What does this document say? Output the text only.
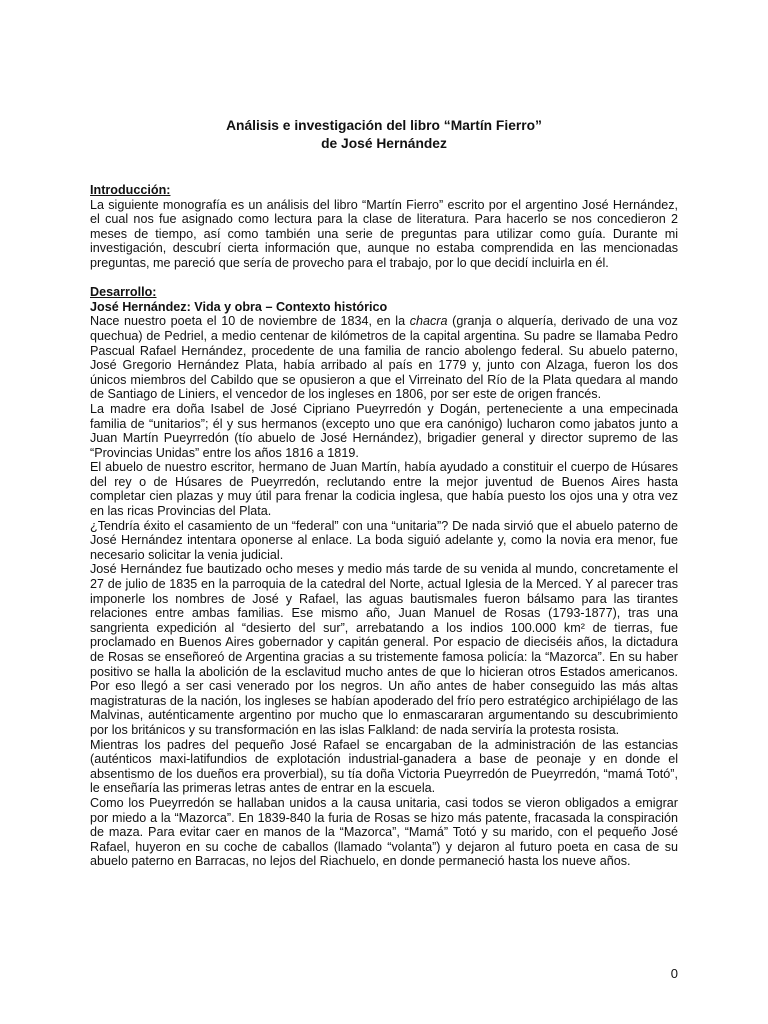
Análisis e investigación del libro “Martín Fierro”
de José Hernández
Introducción:

La siguiente monografía es un análisis del libro “Martín Fierro” escrito por el argentino José Hernández, el cual nos fue asignado como lectura para la clase de literatura. Para hacerlo se nos concedieron 2 meses de tiempo, así como también una serie de preguntas para utilizar como guía. Durante mi investigación, descubrí cierta información que, aunque no estaba comprendida en las mencionadas preguntas, me pareció que sería de provecho para el trabajo, por lo que decidí incluirla en él.

Desarrollo:
José Hernández: Vida y obra – Contexto histórico

Nace nuestro poeta el 10 de noviembre de 1834, en la chacra (granja o alquería, derivado de una voz quechua) de Pedriel, a medio centenar de kilómetros de la capital argentina. Su padre se llamaba Pedro Pascual Rafael Hernández, procedente de una familia de rancio abolengo federal. Su abuelo paterno, José Gregorio Hernández Plata, había arribado al país en 1779 y, junto con Alzaga, fueron los dos únicos miembros del Cabildo que se opusieron a que el Virreinato del Río de la Plata quedara al mando de Santiago de Liniers, el vencedor de los ingleses en 1806, por ser este de origen francés.

La madre era doña Isabel de José Cipriano Pueyrredón y Dogán, perteneciente a una empecinada familia de “unitarios”; él y sus hermanos (excepto uno que era canónigo) lucharon como jabatos junto a Juan Martín Pueyrredón (tío abuelo de José Hernández), brigadier general y director supremo de las “Provincias Unidas” entre los años 1816 a 1819.

El abuelo de nuestro escritor, hermano de Juan Martín, había ayudado a constituir el cuerpo de Húsares del rey o de Húsares de Pueyrredón, reclutando entre la mejor juventud de Buenos Aires hasta completar cien plazas y muy útil para frenar la codicia inglesa, que había puesto los ojos una y otra vez en las ricas Provincias del Plata.

¿Tendría éxito el casamiento de un “federal” con una “unitaria”? De nada sirvió que el abuelo paterno de José Hernández intentara oponerse al enlace. La boda siguió adelante y, como la novia era menor, fue necesario solicitar la venia judicial.

José Hernández fue bautizado ocho meses y medio más tarde de su venida al mundo, concretamente el 27 de julio de 1835 en la parroquia de la catedral del Norte, actual Iglesia de la Merced. Y al parecer tras imponerle los nombres de José y Rafael, las aguas bautismales fueron bálsamo para las tirantes relaciones entre ambas familias. Ese mismo año, Juan Manuel de Rosas (1793-1877), tras una sangrienta expedición al “desierto del sur”, arrebatando a los indios 100.000 km² de tierras, fue proclamado en Buenos Aires gobernador y capitán general. Por espacio de dieciséis años, la dictadura de Rosas se enseñoreó de Argentina gracias a su tristemente famosa policía: la “Mazorca”. En su haber positivo se halla la abolición de la esclavitud mucho antes de que lo hicieran otros Estados americanos. Por eso llegó a ser casi venerado por los negros. Un año antes de haber conseguido las más altas magistraturas de la nación, los ingleses se habían apoderado del frío pero estratégico archipiélago de las Malvinas, auténticamente argentino por mucho que lo enmascararan argumentando su descubrimiento por los británicos y su transformación en las islas Falkland: de nada serviría la protesta rosista.

Mientras los padres del pequeño José Rafael se encargaban de la administración de las estancias (auténticos maxi-latifundios de explotación industrial-ganadera a base de peonaje y en donde el absentismo de los dueños era proverbial), su tía doña Victoria Pueyrredón de Pueyrredón, “mamá Totó”, le enseñaría las primeras letras antes de entrar en la escuela.

Como los Pueyrredón se hallaban unidos a la causa unitaria, casi todos se vieron obligados a emigrar por miedo a la “Mazorca”. En 1839-840 la furia de Rosas se hizo más patente, fracasada la conspiración de maza. Para evitar caer en manos de la “Mazorca”, “Mamá” Totó y su marido, con el pequeño José Rafael, huyeron en su coche de caballos (llamado “volanta”) y dejaron al futuro poeta en casa de su abuelo paterno en Barracas, no lejos del Riachuelo, en donde permaneció hasta los nueve años.

0
